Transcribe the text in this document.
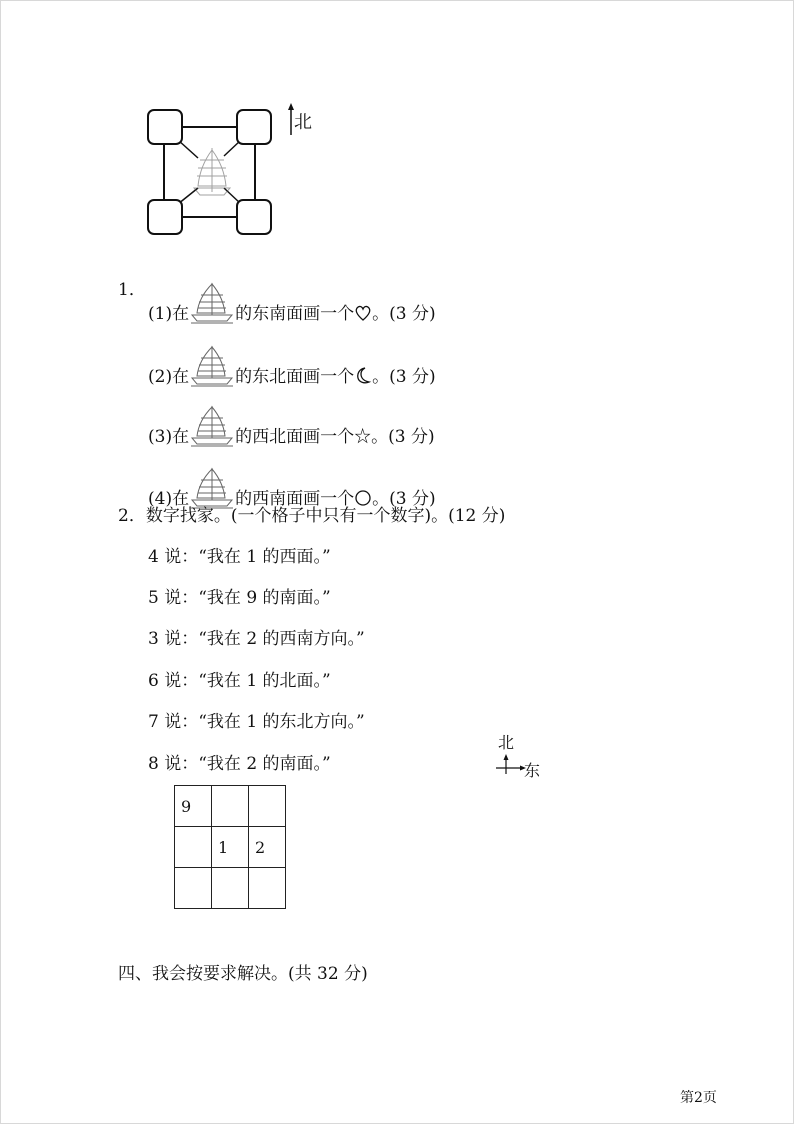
北
1．
(1)在	的东南面画一个 。(3 分)
(2)在	的东北面画一个 。(3 分)
(3)在	的西北面画一个☆。(3 分)
(4)在	的西南面画一个 。(3 分)
2．数字找家。(一个格子中只有一个数字)。(12 分)
4 说：“我在 1 的西面。”
5 说：“我在 9 的南面。”
3 说：“我在 2 的西南方向。”
6 说：“我在 1 的北面。”
7 说：“我在 1 的东北方向。”
8 说：“我在 2 的南面。”
北
东
9		
	1	2

四、我会按要求解决。(共 32 分)
第2页
